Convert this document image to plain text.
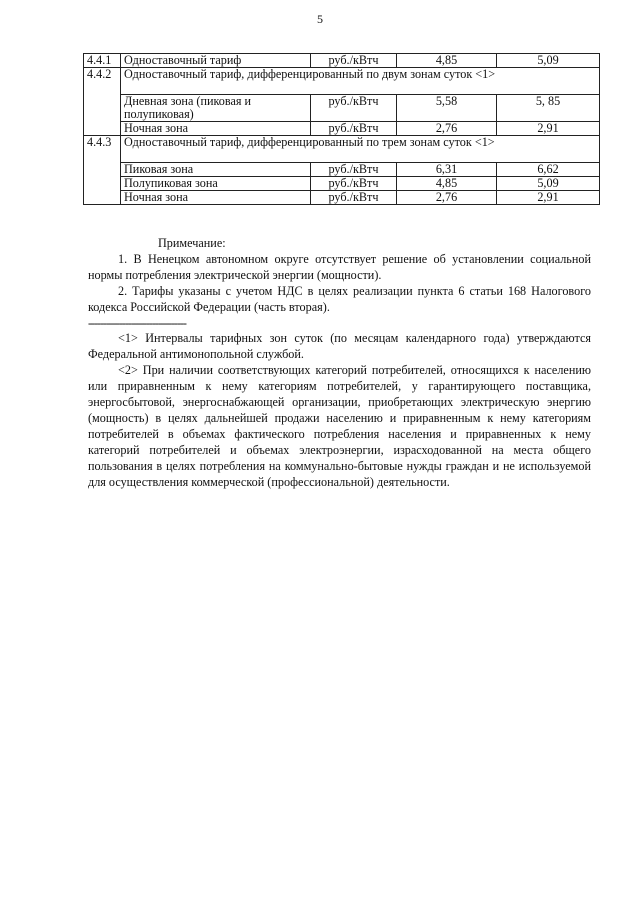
5
4.4.1	Одноставочный тариф	руб./кВтч	4,85	5,09
4.4.2	Одноставочный тариф, дифференцированный по двум зонам суток <1>			
	Дневная зона (пиковая и полупиковая)	руб./кВтч	5,58	5, 85
	Ночная зона	руб./кВтч	2,76	2,91
4.4.3	Одноставочный тариф, дифференцированный по трем зонам суток <1>			
	Пиковая зона	руб./кВтч	6,31	6,62
	Полупиковая зона	руб./кВтч	4,85	5,09
	Ночная зона	руб./кВтч	2,76	2,91

Примечание:

1. В Ненецком автономном округе отсутствует решение об установлении социальной нормы потребления электрической энергии (мощности).

2. Тарифы указаны с учетом НДС в целях реализации пункта 6 статьи 168 Налогового кодекса Российской Федерации (часть вторая).

--------------------------------

<1> Интервалы тарифных зон суток (по месяцам календарного года) утверждаются Федеральной антимонопольной службой.

<2> При наличии соответствующих категорий потребителей, относящихся к населению или приравненным к нему категориям потребителей, у гарантирующего поставщика, энергосбытовой, энергоснабжающей организации, приобретающих электрическую энергию (мощность) в целях дальнейшей продажи населению и приравненным к нему категориям потребителей в объемах фактического потребления населения и приравненных к нему категорий потребителей и объемах электроэнергии, израсходованной на места общего пользования в целях потребления на коммунально-бытовые нужды граждан и не используемой для осуществления коммерческой (профессиональной) деятельности.
